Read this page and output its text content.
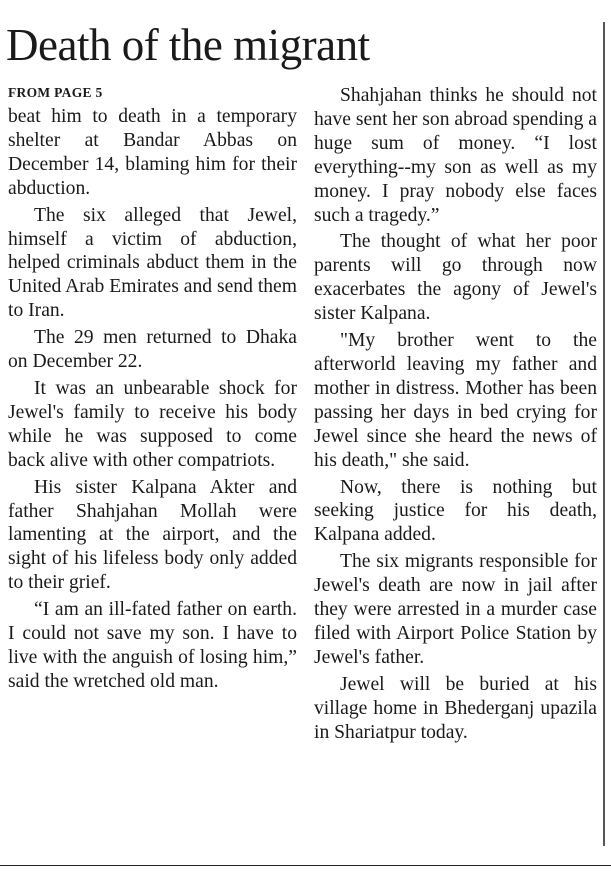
Death of the migrant
FROM PAGE 5

beat him to death in a temporary shelter at Bandar Abbas on December 14, blaming him for their abduction.

The six alleged that Jewel, himself a victim of abduction, helped criminals abduct them in the United Arab Emirates and send them to Iran.

The 29 men returned to Dhaka on December 22.

It was an unbearable shock for Jewel's family to receive his body while he was supposed to come back alive with other compatriots.

His sister Kalpana Akter and father Shahjahan Mollah were lamenting at the airport, and the sight of his lifeless body only added to their grief.

“I am an ill-fated father on earth. I could not save my son. I have to live with the anguish of losing him,” said the wretched old man.

Shahjahan thinks he should not have sent her son abroad spending a huge sum of money. “I lost everything--my son as well as my money. I pray nobody else faces such a tragedy.”

The thought of what her poor parents will go through now exacerbates the agony of Jewel's sister Kalpana.

"My brother went to the afterworld leaving my father and mother in distress. Mother has been passing her days in bed crying for Jewel since she heard the news of his death," she said.

Now, there is nothing but seeking justice for his death, Kalpana added.

The six migrants responsible for Jewel's death are now in jail after they were arrested in a murder case filed with Airport Police Station by Jewel's father.

Jewel will be buried at his village home in Bhederganj upazila in Shariatpur today.
